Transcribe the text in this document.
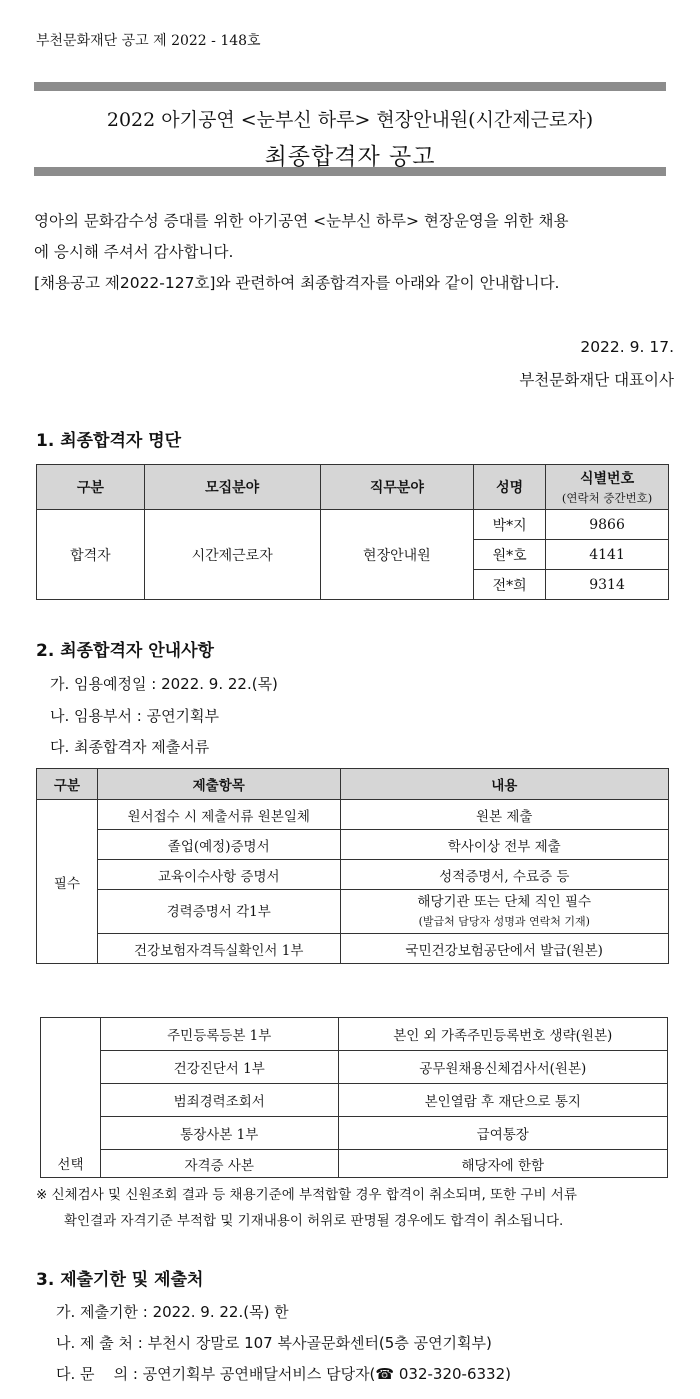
부천문화재단 공고 제 2022 - 148호
2022 아기공연 <눈부신 하루> 현장안내원(시간제근로자)
최종합격자 공고

영아의 문화감수성 증대를 위한 아기공연 <눈부신 하루> 현장운영을 위한 채용

에 응시해 주셔서 감사합니다.

[채용공고 제2022-127호]와 관련하여 최종합격자를 아래와 같이 안내합니다.

2022. 9. 17.
부천문화재단 대표이사
1. 최종합격자 명단
구분	모집분야	직무분야	성명	식별번호
(연락처 중간번호)

합격자	시간제근로자	현장안내원	박*지	9866
			원*호	4141
			전*희	9314
2. 최종합격자 안내사항
가. 임용예정일 : 2022. 9. 22.(목)
나. 임용부서 : 공연기획부
다. 최종합격자 제출서류
구분	제출항목	내용
필수	원서접수 시 제출서류 원본일체	원본 제출
	졸업(예정)증명서	학사이상 전부 제출
	교육이수사항 증명서	성적증명서, 수료증 등
	경력증명서 각1부	해당기관 또는 단체 직인 필수
(발급처 담당자 성명과 연락처 기재)

	건강보험자격득실확인서 1부	국민건강보험공단에서 발급(원본)
	주민등록등본 1부	본인 외 가족주민등록번호 생략(원본)
	건강진단서 1부	공무원채용신체검사서(원본)
	범죄경력조회서	본인열람 후 재단으로 통지
	통장사본 1부	급여통장
선택	자격증 사본	해당자에 한함
※ 신체검사 및 신원조회 결과 등 채용기준에 부적합할 경우 합격이 취소되며, 또한 구비 서류
확인결과 자격기준 부적합 및 기재내용이 허위로 판명될 경우에도 합격이 취소됩니다.
3. 제출기한 및 제출처
가. 제출기한 : 2022. 9. 22.(목) 한
나. 제 출 처 : 부천시 장말로 107 복사골문화센터(5층 공연기획부)
다. 문    의 : 공연기획부 공연배달서비스 담당자(☎ 032-320-6332)
